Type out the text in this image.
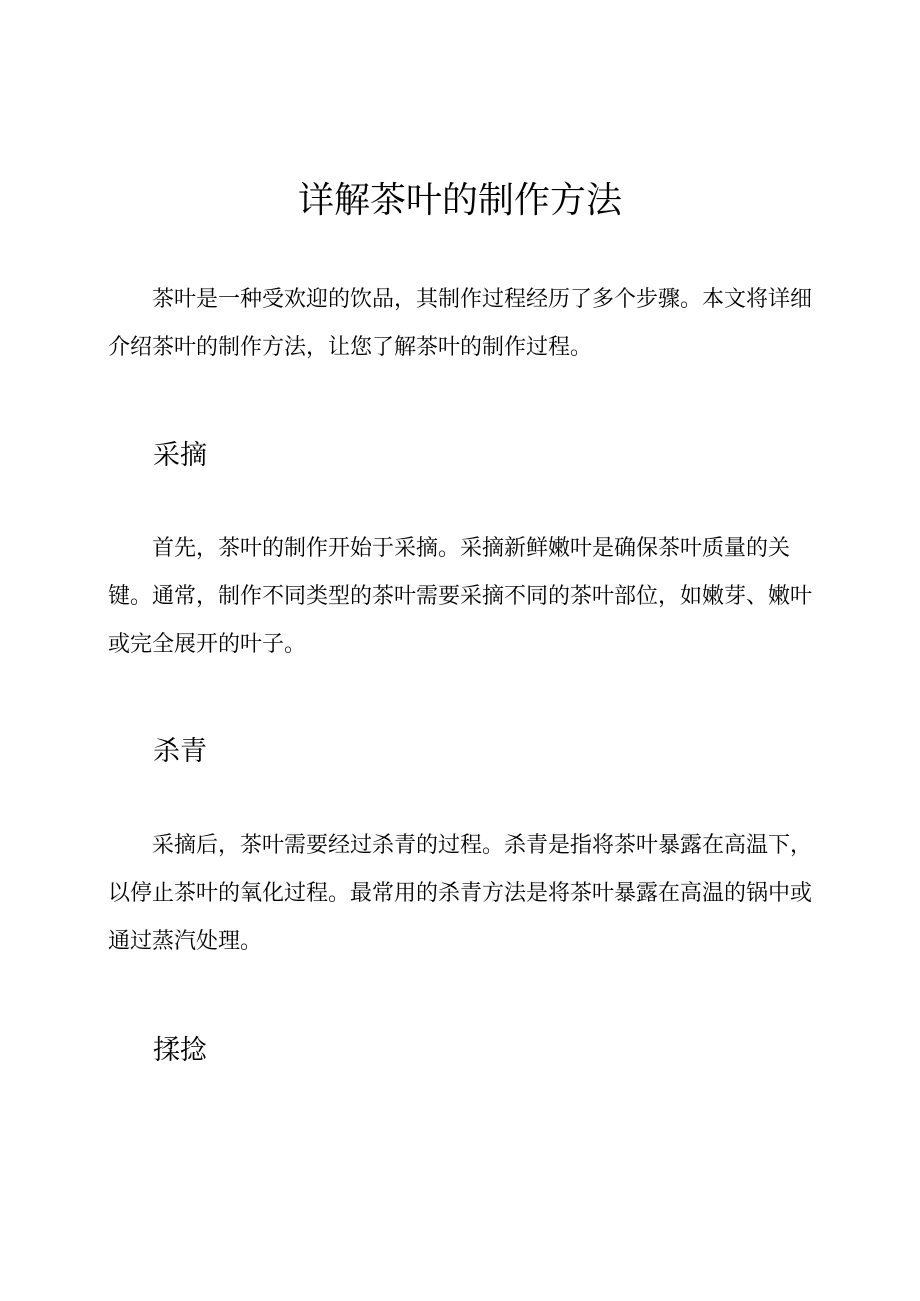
详解茶叶的制作方法

茶叶是一种受欢迎的饮品，其制作过程经历了多个步骤。本文将详细介绍茶叶的制作方法，让您了解茶叶的制作过程。

采摘

首先，茶叶的制作开始于采摘。采摘新鲜嫩叶是确保茶叶质量的关键。通常，制作不同类型的茶叶需要采摘不同的茶叶部位，如嫩芽、嫩叶或完全展开的叶子。

杀青

采摘后，茶叶需要经过杀青的过程。杀青是指将茶叶暴露在高温下，以停止茶叶的氧化过程。最常用的杀青方法是将茶叶暴露在高温的锅中或通过蒸汽处理。

揉捻
